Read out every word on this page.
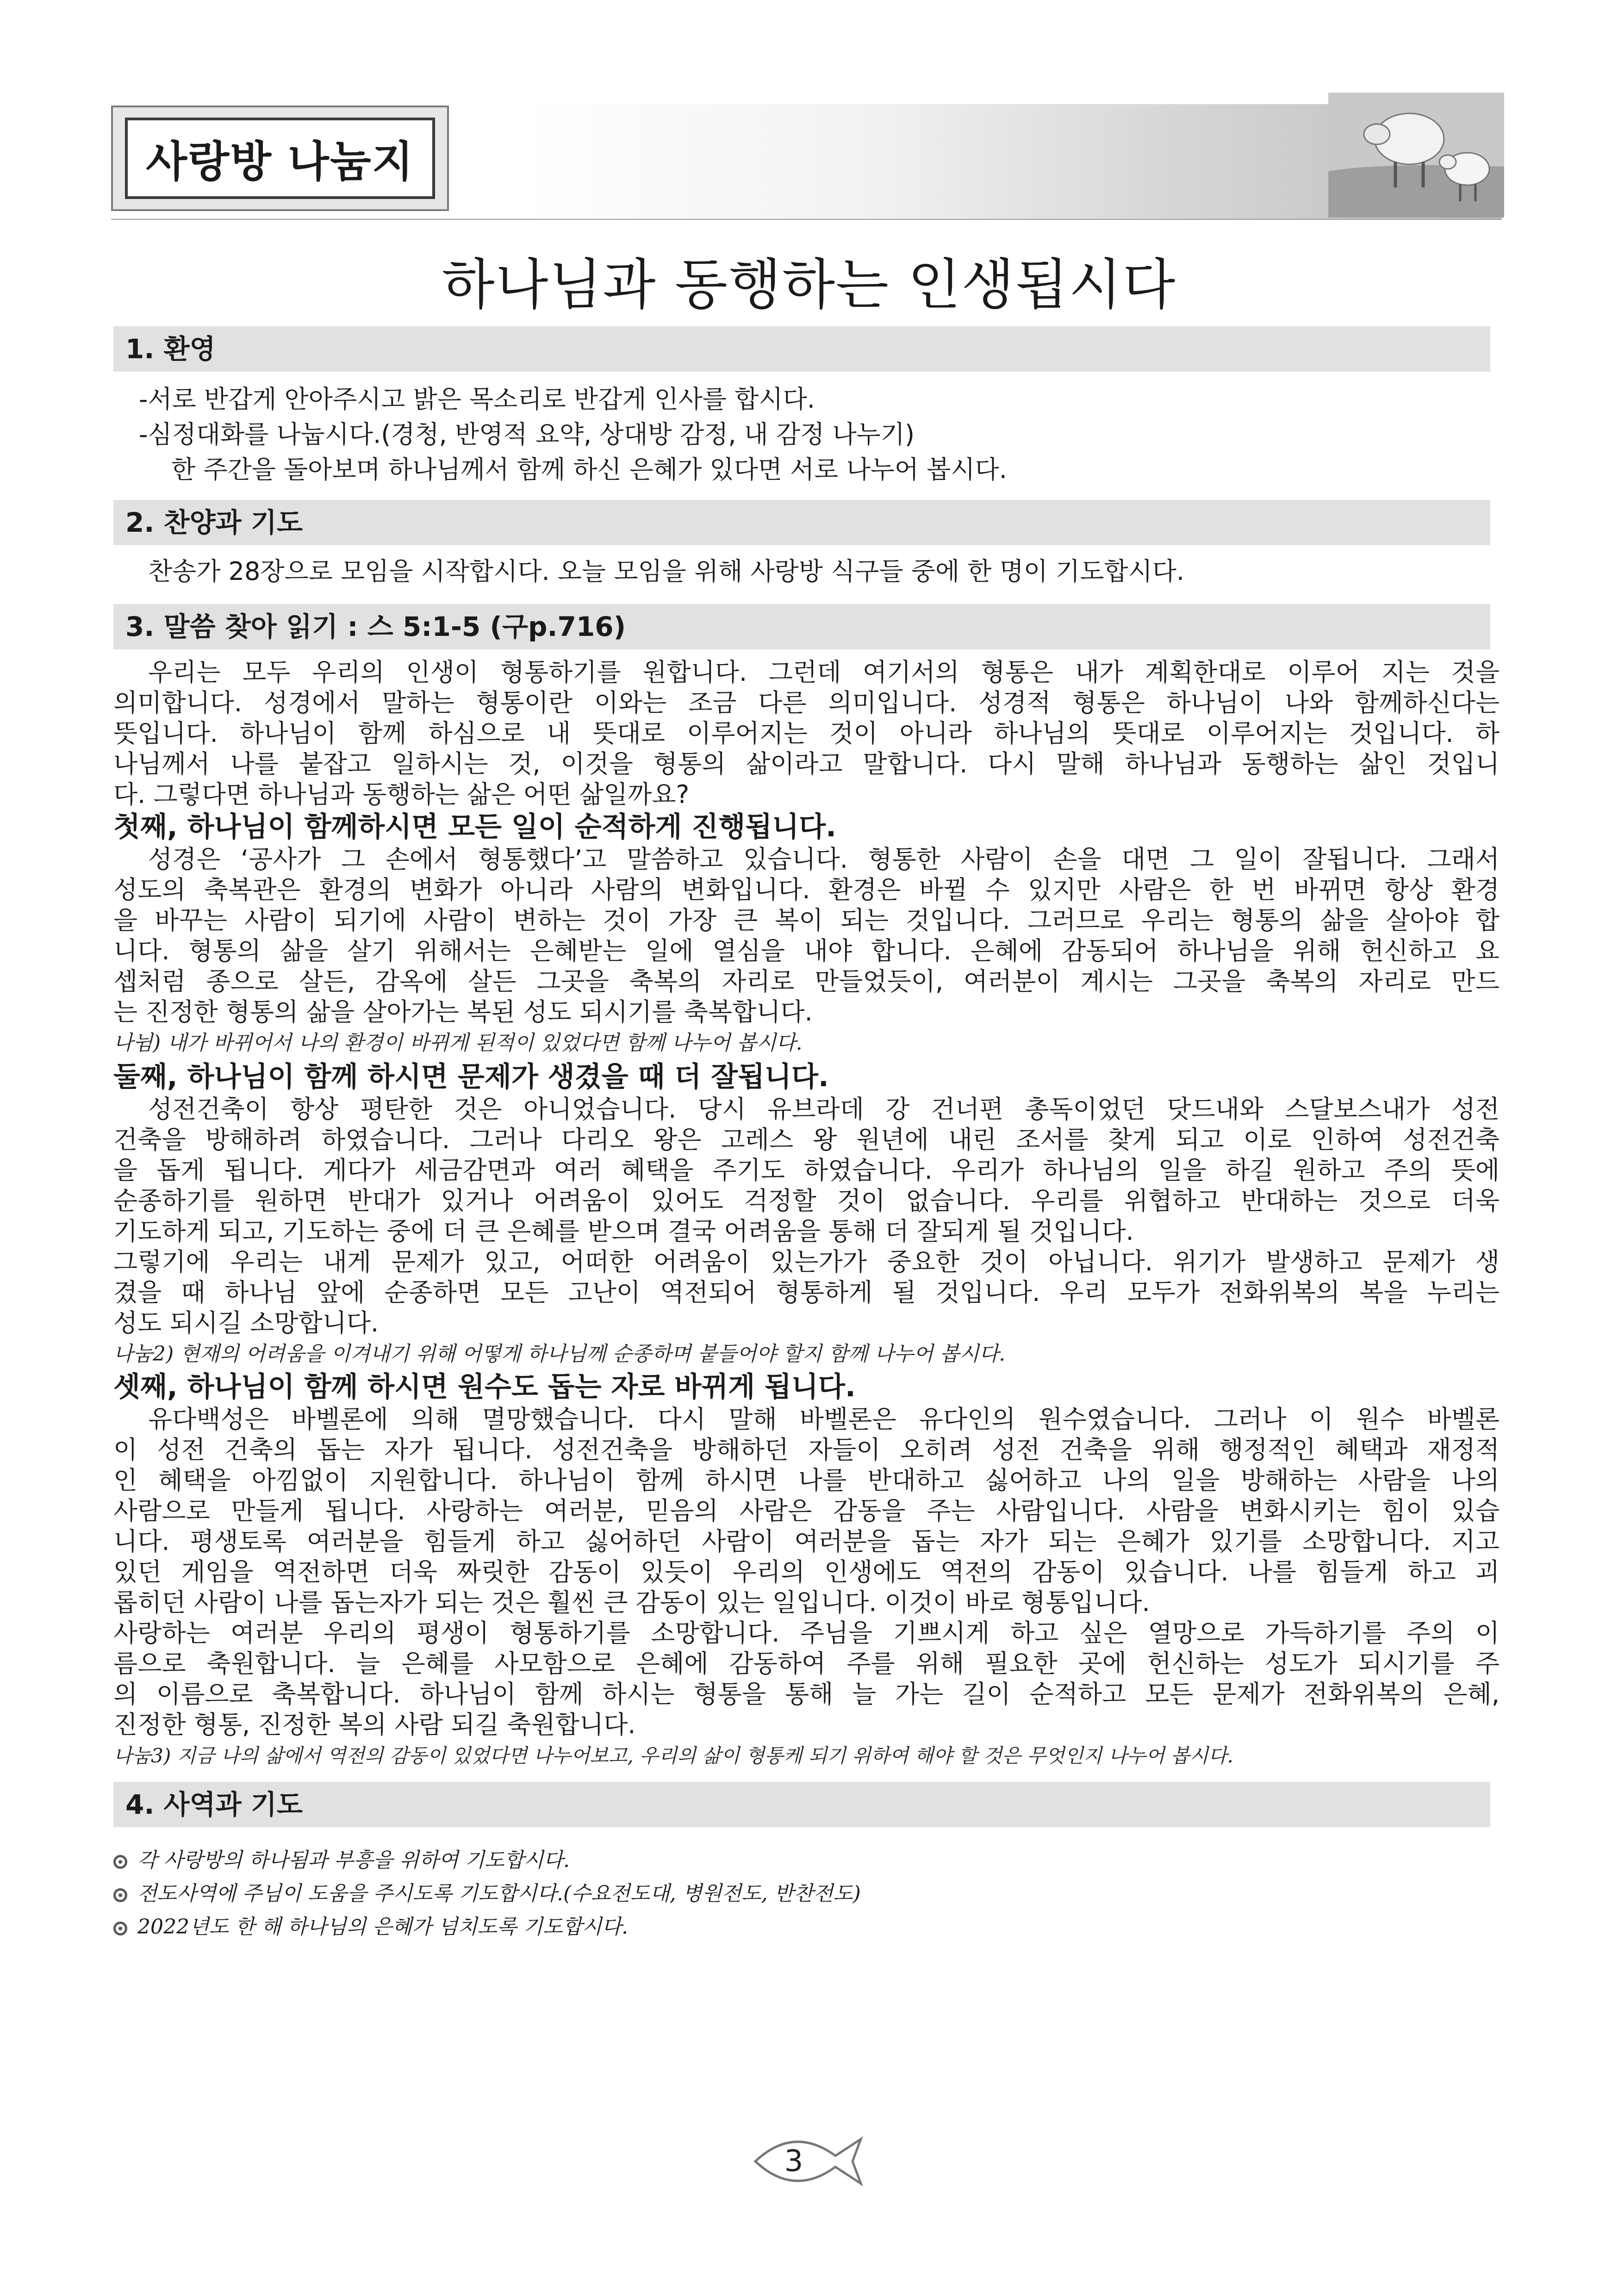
사랑방 나눔지
하나님과 동행하는 인생됩시다
1. 환영
-서로 반갑게 안아주시고 밝은 목소리로 반갑게 인사를 합시다.
-심정대화를 나눕시다.(경청, 반영적 요약, 상대방 감정, 내 감정 나누기)
한 주간을 돌아보며 하나님께서 함께 하신 은혜가 있다면 서로 나누어 봅시다.
2. 찬양과 기도
찬송가 28장으로 모임을 시작합시다. 오늘 모임을 위해 사랑방 식구들 중에 한 명이 기도합시다.
3. 말씀 찾아 읽기 : 스 5:1-5 (구p.716)
우리는 모두 우리의 인생이 형통하기를 원합니다. 그런데 여기서의 형통은 내가 계획한대로 이루어 지는 것을
의미합니다. 성경에서 말하는 형통이란 이와는 조금 다른 의미입니다. 성경적 형통은 하나님이 나와 함께하신다는
뜻입니다. 하나님이 함께 하심으로 내 뜻대로 이루어지는 것이 아니라 하나님의 뜻대로 이루어지는 것입니다. 하
나님께서 나를 붙잡고 일하시는 것, 이것을 형통의 삶이라고 말합니다. 다시 말해 하나님과 동행하는 삶인 것입니
다. 그렇다면 하나님과 동행하는 삶은 어떤 삶일까요?
첫째, 하나님이 함께하시면 모든 일이 순적하게 진행됩니다.
성경은 ‘공사가 그 손에서 형통했다’고 말씀하고 있습니다. 형통한 사람이 손을 대면 그 일이 잘됩니다. 그래서
성도의 축복관은 환경의 변화가 아니라 사람의 변화입니다. 환경은 바뀔 수 있지만 사람은 한 번 바뀌면 항상 환경
을 바꾸는 사람이 되기에 사람이 변하는 것이 가장 큰 복이 되는 것입니다. 그러므로 우리는 형통의 삶을 살아야 합
니다. 형통의 삶을 살기 위해서는 은혜받는 일에 열심을 내야 합니다. 은혜에 감동되어 하나님을 위해 헌신하고 요
셉처럼 종으로 살든, 감옥에 살든 그곳을 축복의 자리로 만들었듯이, 여러분이 계시는 그곳을 축복의 자리로 만드
는 진정한 형통의 삶을 살아가는 복된 성도 되시기를 축복합니다.
나뉨) 내가 바뀌어서 나의 환경이 바뀌게 된적이 있었다면 함께 나누어 봅시다.
둘째, 하나님이 함께 하시면 문제가 생겼을 때 더 잘됩니다.
성전건축이 항상 평탄한 것은 아니었습니다. 당시 유브라데 강 건너편 총독이었던 닷드내와 스달보스내가 성전
건축을 방해하려 하였습니다. 그러나 다리오 왕은 고레스 왕 원년에 내린 조서를 찾게 되고 이로 인하여 성전건축
을 돕게 됩니다. 게다가 세금감면과 여러 혜택을 주기도 하였습니다. 우리가 하나님의 일을 하길 원하고 주의 뜻에
순종하기를 원하면 반대가 있거나 어려움이 있어도 걱정할 것이 없습니다. 우리를 위협하고 반대하는 것으로 더욱
기도하게 되고, 기도하는 중에 더 큰 은혜를 받으며 결국 어려움을 통해 더 잘되게 될 것입니다.
그렇기에 우리는 내게 문제가 있고, 어떠한 어려움이 있는가가 중요한 것이 아닙니다. 위기가 발생하고 문제가 생
겼을 때 하나님 앞에 순종하면 모든 고난이 역전되어 형통하게 될 것입니다. 우리 모두가 전화위복의 복을 누리는
성도 되시길 소망합니다.
나눔2) 현재의 어려움을 이겨내기 위해 어떻게 하나님께 순종하며 붙들어야 할지 함께 나누어 봅시다.
셋째, 하나님이 함께 하시면 원수도 돕는 자로 바뀌게 됩니다.
유다백성은 바벨론에 의해 멸망했습니다. 다시 말해 바벨론은 유다인의 원수였습니다. 그러나 이 원수 바벨론
이 성전 건축의 돕는 자가 됩니다. 성전건축을 방해하던 자들이 오히려 성전 건축을 위해 행정적인 혜택과 재정적
인 혜택을 아낌없이 지원합니다. 하나님이 함께 하시면 나를 반대하고 싫어하고 나의 일을 방해하는 사람을 나의
사람으로 만들게 됩니다. 사랑하는 여러분, 믿음의 사람은 감동을 주는 사람입니다. 사람을 변화시키는 힘이 있습
니다. 평생토록 여러분을 힘들게 하고 싫어하던 사람이 여러분을 돕는 자가 되는 은혜가 있기를 소망합니다. 지고
있던 게임을 역전하면 더욱 짜릿한 감동이 있듯이 우리의 인생에도 역전의 감동이 있습니다. 나를 힘들게 하고 괴
롭히던 사람이 나를 돕는자가 되는 것은 훨씬 큰 감동이 있는 일입니다. 이것이 바로 형통입니다.
사랑하는 여러분 우리의 평생이 형통하기를 소망합니다. 주님을 기쁘시게 하고 싶은 열망으로 가득하기를 주의 이
름으로 축원합니다. 늘 은혜를 사모함으로 은혜에 감동하여 주를 위해 필요한 곳에 헌신하는 성도가 되시기를 주
의 이름으로 축복합니다. 하나님이 함께 하시는 형통을 통해 늘 가는 길이 순적하고 모든 문제가 전화위복의 은혜,
진정한 형통, 진정한 복의 사람 되길 축원합니다.
나눔3) 지금 나의 삶에서 역전의 감동이 있었다면 나누어보고, 우리의 삶이 형통케 되기 위하여 해야 할 것은 무엇인지 나누어 봅시다.
4. 사역과 기도
각 사랑방의 하나됨과 부흥을 위하여 기도합시다.
전도사역에 주님이 도움을 주시도록 기도합시다.(수요전도대, 병원전도, 반찬전도)
2022년도 한 해 하나님의 은혜가 넘치도록 기도합시다.
3
